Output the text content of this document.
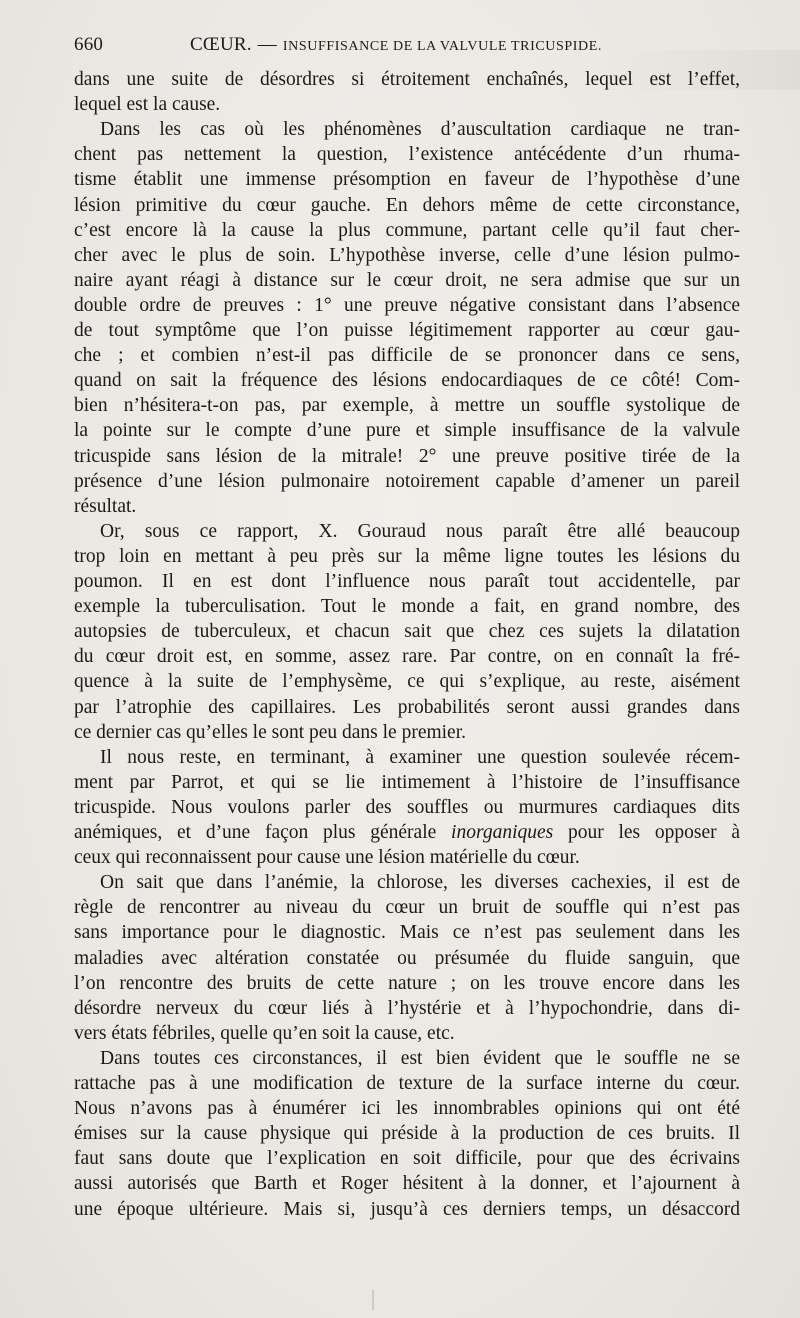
660	CŒUR. — INSUFFISANCE DE LA VALVULE TRICUSPIDE.
dans une suite de désordres si étroitement enchaînés, lequel est l’effet,
lequel est la cause.
Dans les cas où les phénomènes d’auscultation cardiaque ne tran-
chent pas nettement la question, l’existence antécédente d’un rhuma-
tisme établit une immense présomption en faveur de l’hypothèse d’une
lésion primitive du cœur gauche. En dehors même de cette circonstance,
c’est encore là la cause la plus commune, partant celle qu’il faut cher-
cher avec le plus de soin. L’hypothèse inverse, celle d’une lésion pulmo-
naire ayant réagi à distance sur le cœur droit, ne sera admise que sur un
double ordre de preuves : 1° une preuve négative consistant dans l’absence
de tout symptôme que l’on puisse légitimement rapporter au cœur gau-
che ; et combien n’est-il pas difficile de se prononcer dans ce sens,
quand on sait la fréquence des lésions endocardiaques de ce côté! Com-
bien n’hésitera-t-on pas, par exemple, à mettre un souffle systolique de
la pointe sur le compte d’une pure et simple insuffisance de la valvule
tricuspide sans lésion de la mitrale! 2° une preuve positive tirée de la
présence d’une lésion pulmonaire notoirement capable d’amener un pareil
résultat.
Or, sous ce rapport, X. Gouraud nous paraît être allé beaucoup
trop loin en mettant à peu près sur la même ligne toutes les lésions du
poumon. Il en est dont l’influence nous paraît tout accidentelle, par
exemple la tuberculisation. Tout le monde a fait, en grand nombre, des
autopsies de tuberculeux, et chacun sait que chez ces sujets la dilatation
du cœur droit est, en somme, assez rare. Par contre, on en connaît la fré-
quence à la suite de l’emphysème, ce qui s’explique, au reste, aisément
par l’atrophie des capillaires. Les probabilités seront aussi grandes dans
ce dernier cas qu’elles le sont peu dans le premier.
Il nous reste, en terminant, à examiner une question soulevée récem-
ment par Parrot, et qui se lie intimement à l’histoire de l’insuffisance
tricuspide. Nous voulons parler des souffles ou murmures cardiaques dits
anémiques, et d’une façon plus générale inorganiques pour les opposer à
ceux qui reconnaissent pour cause une lésion matérielle du cœur.
On sait que dans l’anémie, la chlorose, les diverses cachexies, il est de
règle de rencontrer au niveau du cœur un bruit de souffle qui n’est pas
sans importance pour le diagnostic. Mais ce n’est pas seulement dans les
maladies avec altération constatée ou présumée du fluide sanguin, que
l’on rencontre des bruits de cette nature ; on les trouve encore dans les
désordre nerveux du cœur liés à l’hystérie et à l’hypochondrie, dans di-
vers états fébriles, quelle qu’en soit la cause, etc.
Dans toutes ces circonstances, il est bien évident que le souffle ne se
rattache pas à une modification de texture de la surface interne du cœur.
Nous n’avons pas à énumérer ici les innombrables opinions qui ont été
émises sur la cause physique qui préside à la production de ces bruits. Il
faut sans doute que l’explication en soit difficile, pour que des écrivains
aussi autorisés que Barth et Roger hésitent à la donner, et l’ajournent à
une époque ultérieure. Mais si, jusqu’à ces derniers temps, un désaccord
